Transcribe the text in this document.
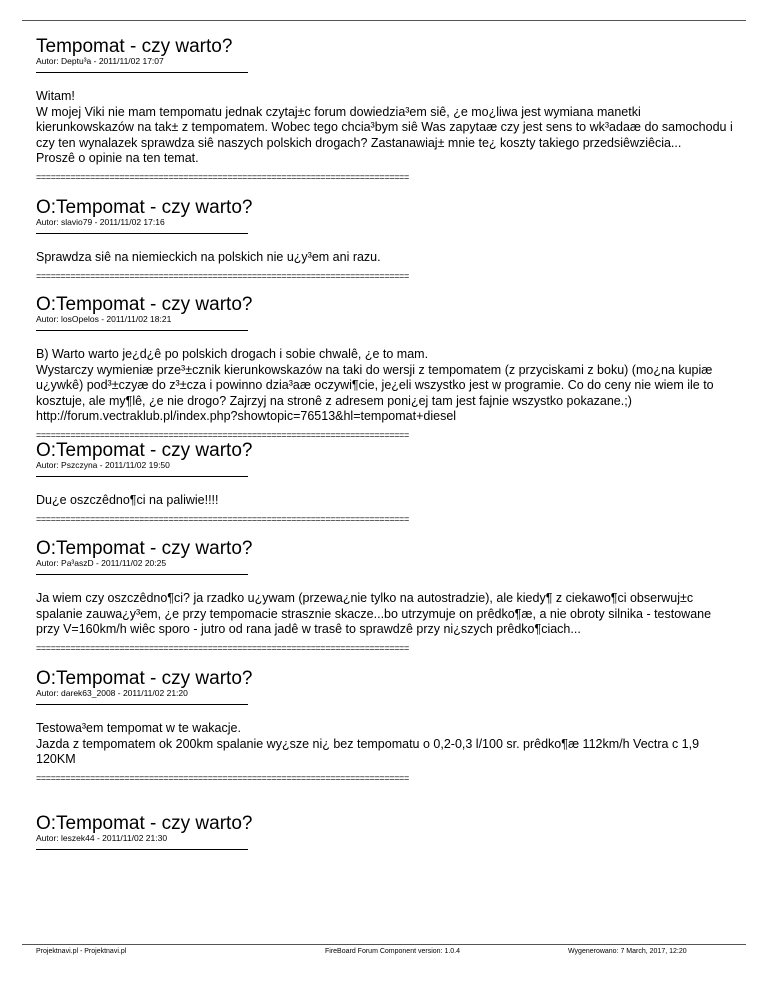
Tempomat - czy warto?
Autor: Deptu³a - 2011/11/02 17:07
Witam!
W mojej Viki nie mam tempomatu jednak czytaj±c forum dowiedzia³em siê, ¿e mo¿liwa jest wymiana manetki kierunkowskazów na tak± z tempomatem. Wobec tego chcia³bym siê Was zapytaæ czy jest sens to wk³adaæ do samochodu i czy ten wynalazek sprawdza siê naszych polskich drogach? Zastanawiaj± mnie te¿ koszty takiego przedsiêwziêcia...
Proszê o opinie na ten temat.
============================================================================
O:Tempomat - czy warto?
Autor: slavio79 - 2011/11/02 17:16
Sprawdza siê na niemieckich na polskich nie u¿y³em ani razu.
============================================================================
O:Tempomat - czy warto?
Autor: losOpelos - 2011/11/02 18:21
B) Warto warto je¿d¿ê po polskich drogach i sobie chwalê, ¿e to mam.
Wystarczy wymieniæ prze³±cznik kierunkowskazów na taki do wersji z tempomatem (z przyciskami z boku) (mo¿na kupiæ u¿ywkê) pod³±czyæ do z³±cza i powinno dzia³aæ oczywi¶cie, je¿eli wszystko jest w programie. Co do ceny nie wiem ile to kosztuje, ale my¶lê, ¿e nie drogo? Zajrzyj na stronê z adresem poni¿ej tam jest fajnie wszystko pokazane.;)
http://forum.vectraklub.pl/index.php?showtopic=76513&hl=tempomat+diesel
============================================================================
O:Tempomat - czy warto?
Autor: Pszczyna - 2011/11/02 19:50
Du¿e oszczêdno¶ci na paliwie!!!!
============================================================================
O:Tempomat - czy warto?
Autor: Pa³aszD - 2011/11/02 20:25
Ja wiem czy oszczêdno¶ci? ja rzadko u¿ywam (przewa¿nie tylko na autostradzie), ale kiedy¶ z ciekawo¶ci obserwuj±c spalanie zauwa¿y³em, ¿e przy tempomacie strasznie skacze...bo utrzymuje on prêdko¶æ, a nie obroty silnika - testowane przy V=160km/h wiêc sporo - jutro od rana jadê w trasê to sprawdzê przy ni¿szych prêdko¶ciach...
============================================================================
O:Tempomat - czy warto?
Autor: darek63_2008 - 2011/11/02 21:20
Testowa³em tempomat w te wakacje.
Jazda z tempomatem ok 200km spalanie wy¿sze ni¿ bez tempomatu o 0,2-0,3 l/100 sr. prêdko¶æ 112km/h Vectra c 1,9 120KM
============================================================================
O:Tempomat - czy warto?
Autor: leszek44 - 2011/11/02 21:30
Projektnavi.pl - Projektnavi.pl	FireBoard Forum Component version: 1.0.4	Wygenerowano: 7 March, 2017, 12:20
